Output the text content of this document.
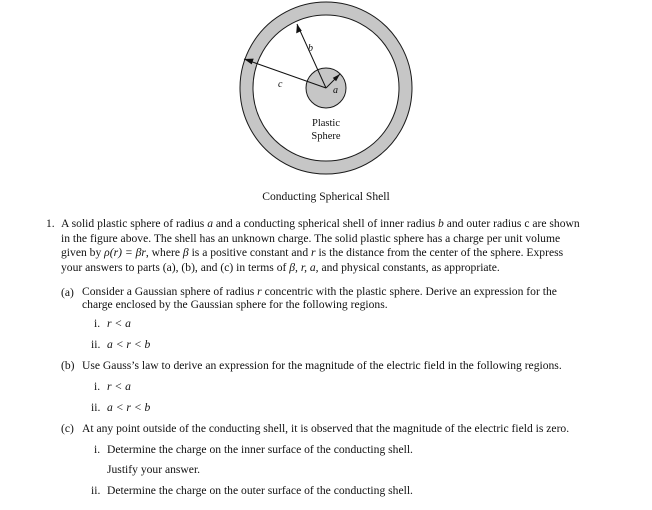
b
c
a
Plastic
Sphere
Conducting Spherical Shell
1. A solid plastic sphere of radius a and a conducting spherical shell of inner radius b and outer radius c are shown

in the figure above. The shell has an unknown charge. The solid plastic sphere has a charge per unit volume

given by ρ(r) = βr, where β is a positive constant and r is the distance from the center of the sphere. Express

your answers to parts (a), (b), and (c) in terms of β, r, a, and physical constants, as appropriate.

(a) Consider a Gaussian sphere of radius r concentric with the plastic sphere. Derive an expression for the

charge enclosed by the Gaussian sphere for the following regions.

i. r < a
ii. a < r < b
(b) Use Gauss’s law to derive an expression for the magnitude of the electric field in the following regions.
i. r < a
ii. a < r < b
(c) At any point outside of the conducting shell, it is observed that the magnitude of the electric field is zero.
i. Determine the charge on the inner surface of the conducting shell.
Justify your answer.
ii. Determine the charge on the outer surface of the conducting shell.
